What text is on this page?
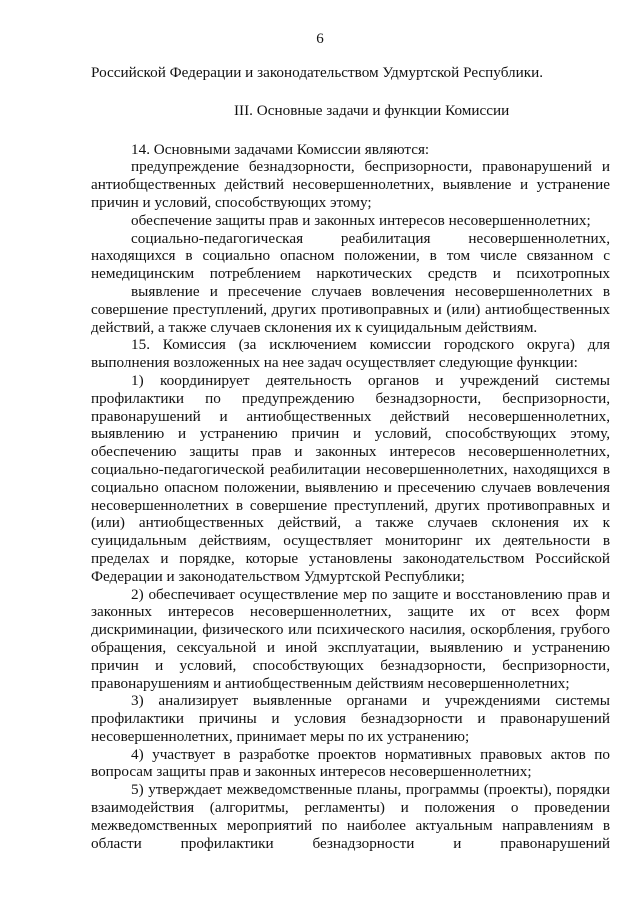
6
Российской Федерации и законодательством Удмуртской Республики.
III. Основные задачи и функции Комиссии
14. Основными задачами Комиссии являются:
предупреждение безнадзорности, беспризорности, правонарушений и
антиобщественных действий несовершеннолетних, выявление и устранение
причин и условий, способствующих этому;
обеспечение защиты прав и законных интересов несовершеннолетних;
социально-педагогическая реабилитация несовершеннолетних,
находящихся в социально опасном положении, в том числе связанном с
немедицинским потреблением наркотических средств и психотропных
выявление и пресечение случаев вовлечения несовершеннолетних в
совершение преступлений, других противоправных и (или) антиобщественных
действий, а также случаев склонения их к суицидальным действиям.
15. Комиссия (за исключением комиссии городского округа) для
выполнения возложенных на нее задач осуществляет следующие функции:
1) координирует деятельность органов и учреждений системы
профилактики по предупреждению безнадзорности, беспризорности,
правонарушений и антиобщественных действий несовершеннолетних,
выявлению и устранению причин и условий, способствующих этому,
обеспечению защиты прав и законных интересов несовершеннолетних,
социально-педагогической реабилитации несовершеннолетних, находящихся в
социально опасном положении, выявлению и пресечению случаев вовлечения
несовершеннолетних в совершение преступлений, других противоправных и
(или) антиобщественных действий, а также случаев склонения их к
суицидальным действиям, осуществляет мониторинг их деятельности в
пределах и порядке, которые установлены законодательством Российской
Федерации и законодательством Удмуртской Республики;
2) обеспечивает осуществление мер по защите и восстановлению прав и
законных интересов несовершеннолетних, защите их от всех форм
дискриминации, физического или психического насилия, оскорбления, грубого
обращения, сексуальной и иной эксплуатации, выявлению и устранению
причин и условий, способствующих безнадзорности, беспризорности,
правонарушениям и антиобщественным действиям несовершеннолетних;
3) анализирует выявленные органами и учреждениями системы
профилактики причины и условия безнадзорности и правонарушений
несовершеннолетних, принимает меры по их устранению;
4) участвует в разработке проектов нормативных правовых актов по
вопросам защиты прав и законных интересов несовершеннолетних;
5) утверждает межведомственные планы, программы (проекты), порядки
взаимодействия (алгоритмы, регламенты) и положения о проведении
межведомственных мероприятий по наиболее актуальным направлениям в
области профилактики безнадзорности и правонарушений
